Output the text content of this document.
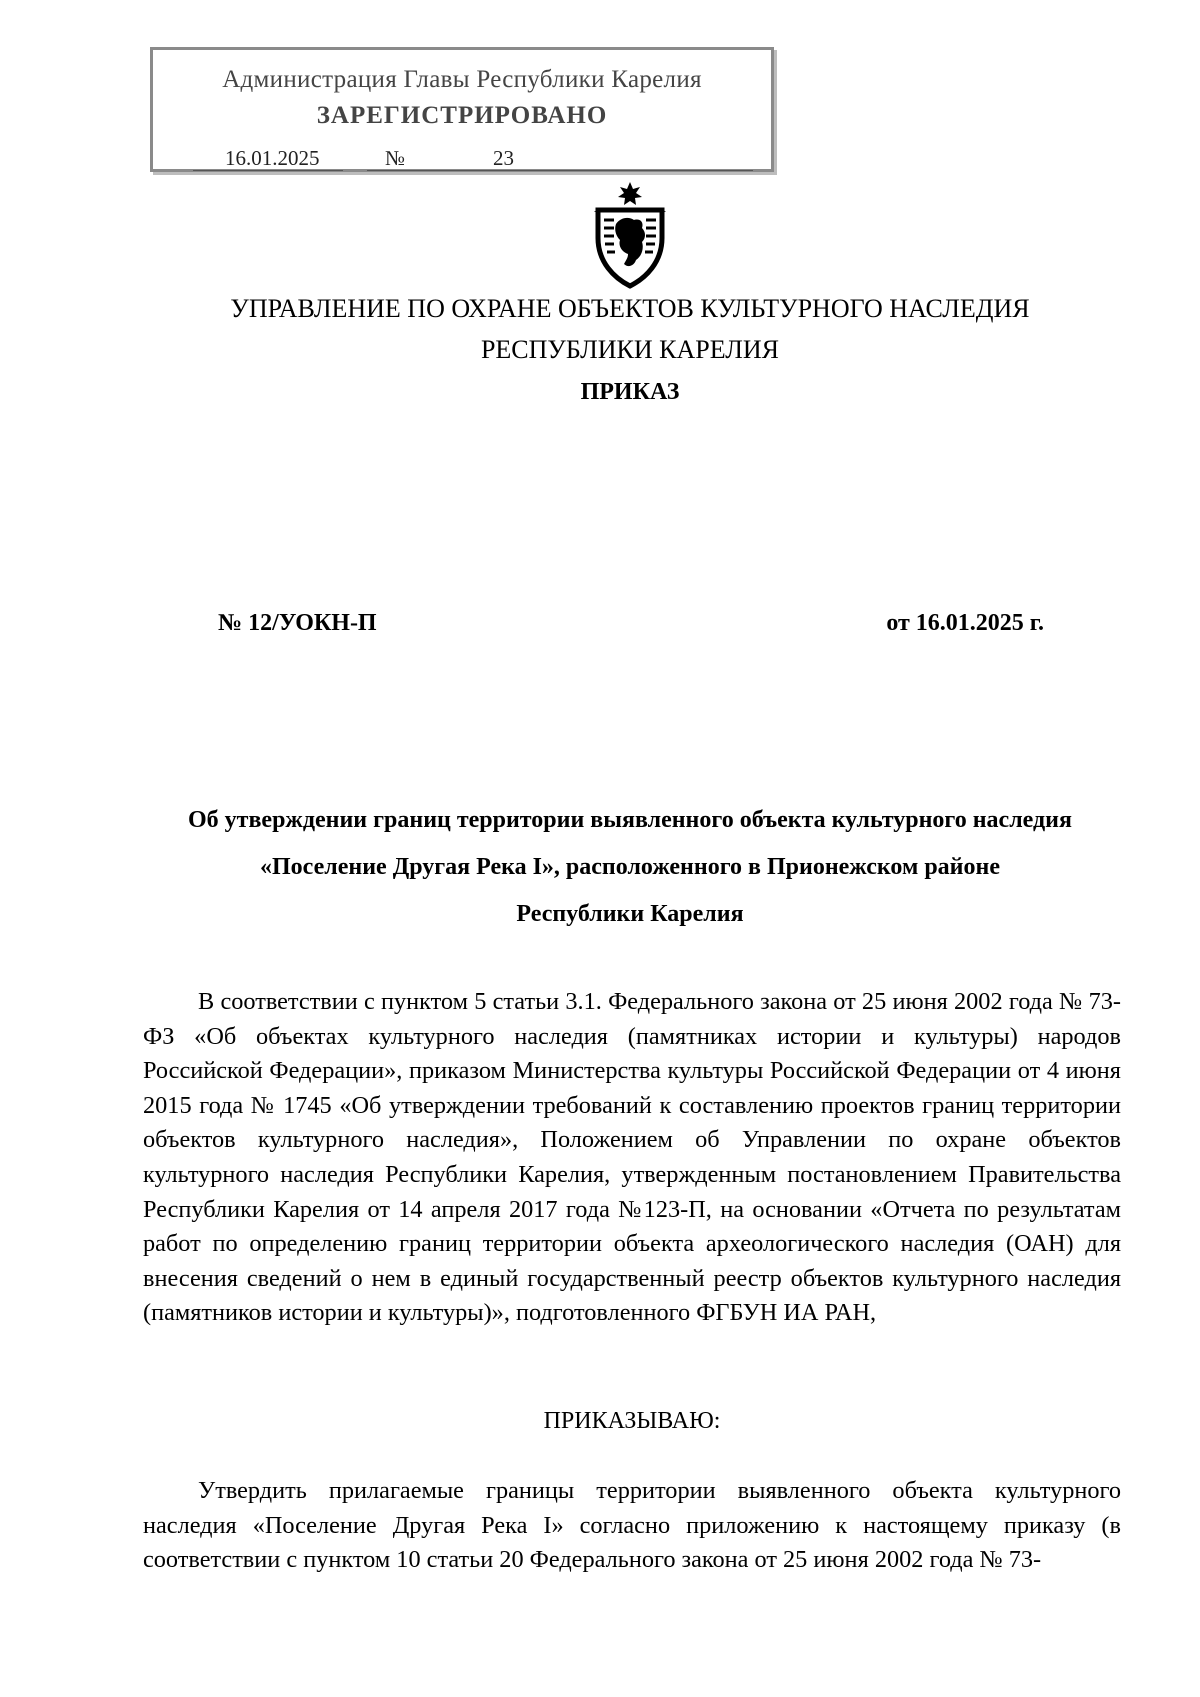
Администрация Главы Республики Карелия
ЗАРЕГИСТРИРОВАНО
16.01.2025	№	23
УПРАВЛЕНИЕ ПО ОХРАНЕ ОБЪЕКТОВ КУЛЬТУРНОГО НАСЛЕДИЯ
РЕСПУБЛИКИ КАРЕЛИЯ
ПРИКАЗ
№ 12/УОКН-П	от 16.01.2025 г.
Об утверждении границ территории выявленного объекта культурного наследия
«Поселение Другая Река I», расположенного в Прионежском районе
Республики Карелия

В соответствии с пунктом 5 статьи 3.1. Федерального закона от 25 июня 2002 года № 73-ФЗ «Об объектах культурного наследия (памятниках истории и культуры) народов Российской Федерации», приказом Министерства культуры Российской Федерации от 4 июня 2015 года № 1745 «Об утверждении требований к составлению проектов границ территории объектов культурного наследия», Положением об Управлении по охране объектов культурного наследия Республики Карелия, утвержденным постановлением Правительства Республики Карелия от 14 апреля 2017 года №123-П, на основании «Отчета по результатам работ по определению границ территории объекта археологического наследия (ОАН) для внесения сведений о нем в единый государственный реестр объектов культурного наследия (памятников истории и культуры)», подготовленного ФГБУН ИА РАН,

ПРИКАЗЫВАЮ:

Утвердить прилагаемые границы территории выявленного объекта культурного наследия «Поселение Другая Река I» согласно приложению к настоящему приказу (в соответствии с пунктом 10 статьи 20 Федерального закона от 25 июня 2002 года № 73-
